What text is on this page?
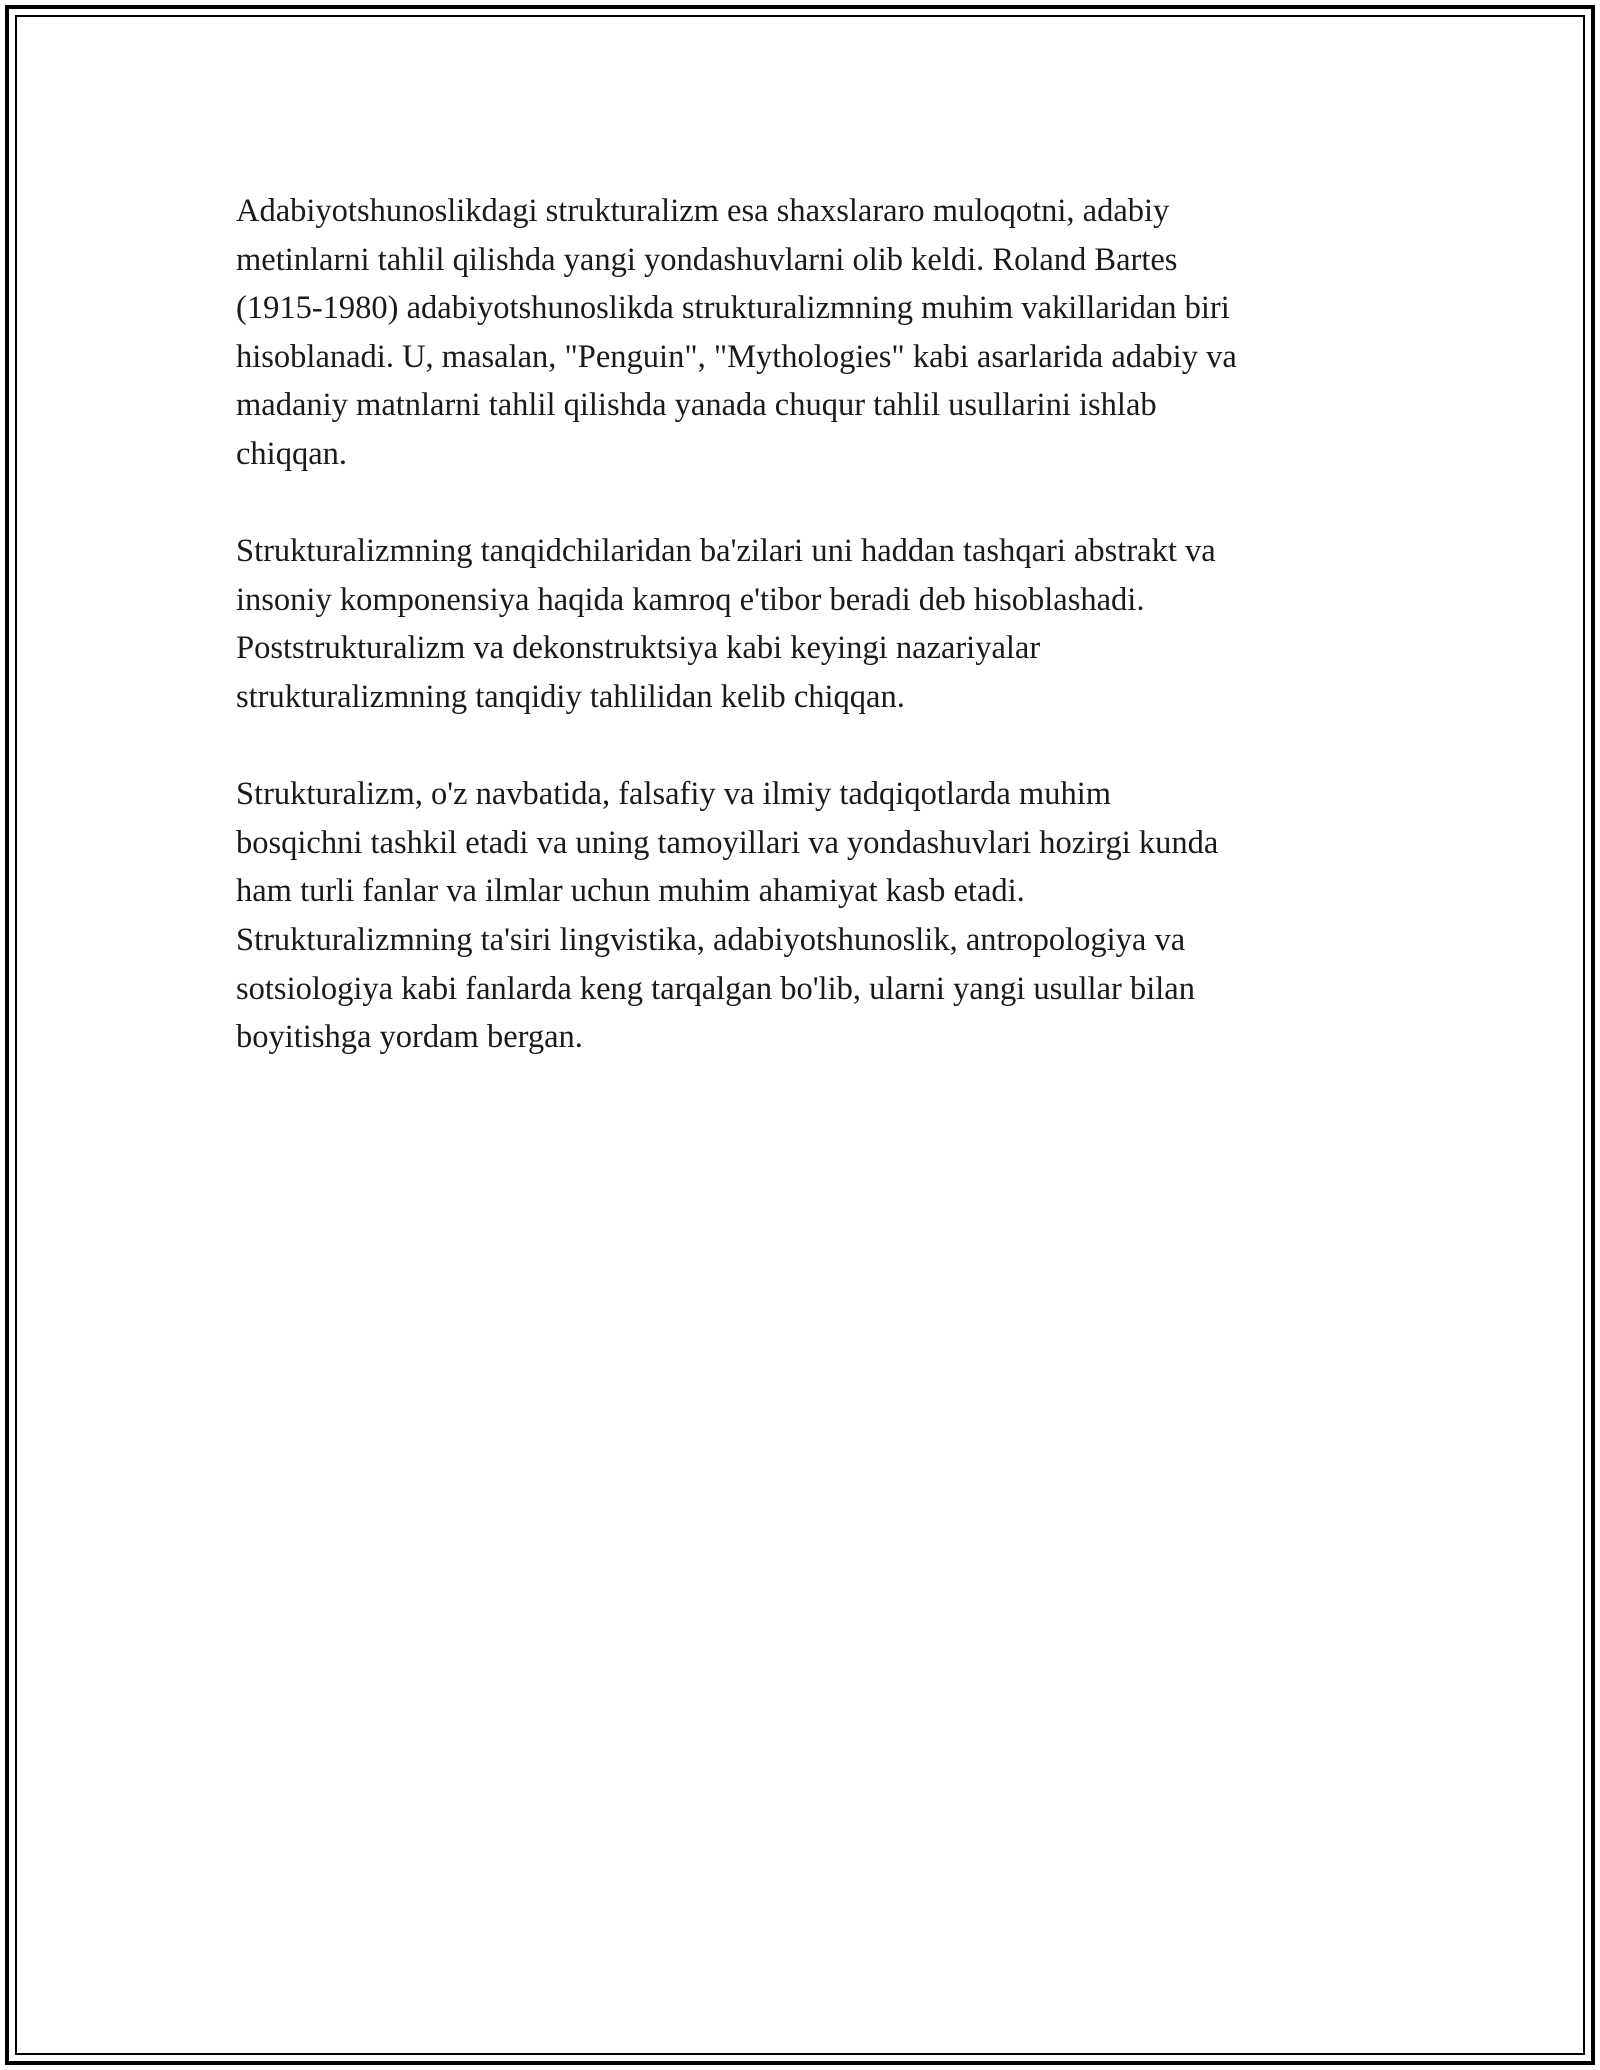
Adabiyotshunoslikdagi strukturalizm esa shaxslararo muloqotni, adabiy
metinlarni tahlil qilishda yangi yondashuvlarni olib keldi. Roland Bartes
(1915-1980) adabiyotshunoslikda strukturalizmning muhim vakillaridan biri
hisoblanadi. U, masalan, "Penguin", "Mythologies" kabi asarlarida adabiy va
madaniy matnlarni tahlil qilishda yanada chuqur tahlil usullarini ishlab
chiqqan.

Strukturalizmning tanqidchilaridan ba'zilari uni haddan tashqari abstrakt va
insoniy komponensiya haqida kamroq e'tibor beradi deb hisoblashadi.
Poststrukturalizm va dekonstruktsiya kabi keyingi nazariyalar
strukturalizmning tanqidiy tahlilidan kelib chiqqan.

Strukturalizm, o'z navbatida, falsafiy va ilmiy tadqiqotlarda muhim
bosqichni tashkil etadi va uning tamoyillari va yondashuvlari hozirgi kunda
ham turli fanlar va ilmlar uchun muhim ahamiyat kasb etadi.
Strukturalizmning ta'siri lingvistika, adabiyotshunoslik, antropologiya va
sotsiologiya kabi fanlarda keng tarqalgan bo'lib, ularni yangi usullar bilan
boyitishga yordam bergan.
